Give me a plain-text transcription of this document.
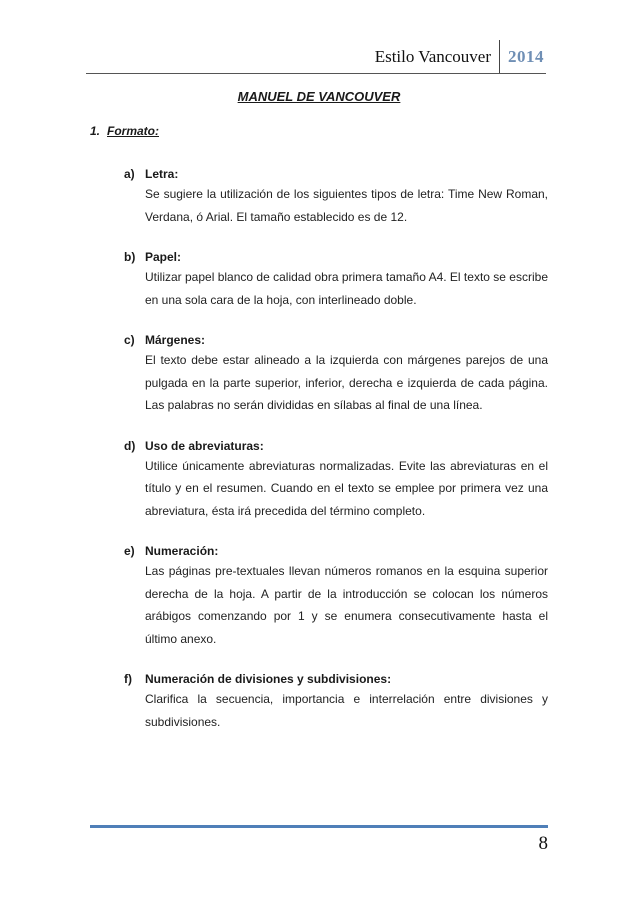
Estilo Vancouver	2014
MANUEL DE VANCOUVER
1. Formato:
a) Letra:
Se sugiere la utilización de los siguientes tipos de letra: Time New Roman, Verdana, ó Arial. El tamaño establecido es de 12.
b) Papel:
Utilizar papel blanco de calidad obra primera tamaño A4. El texto se escribe en una sola cara de la hoja, con interlineado doble.
c) Márgenes:
El texto debe estar alineado a la izquierda con márgenes parejos de una pulgada en la parte superior, inferior, derecha e izquierda de cada página. Las palabras no serán divididas en sílabas al final de una línea.
d) Uso de abreviaturas:
Utilice únicamente abreviaturas normalizadas. Evite las abreviaturas en el título y en el resumen. Cuando en el texto se emplee por primera vez una abreviatura, ésta irá precedida del término completo.
e) Numeración:
Las páginas pre-textuales llevan números romanos en la esquina superior derecha de la hoja. A partir de la introducción se colocan los números arábigos comenzando por 1 y se enumera consecutivamente hasta el último anexo.
f) Numeración de divisiones y subdivisiones:
Clarifica la secuencia, importancia e interrelación entre divisiones y subdivisiones.
8
